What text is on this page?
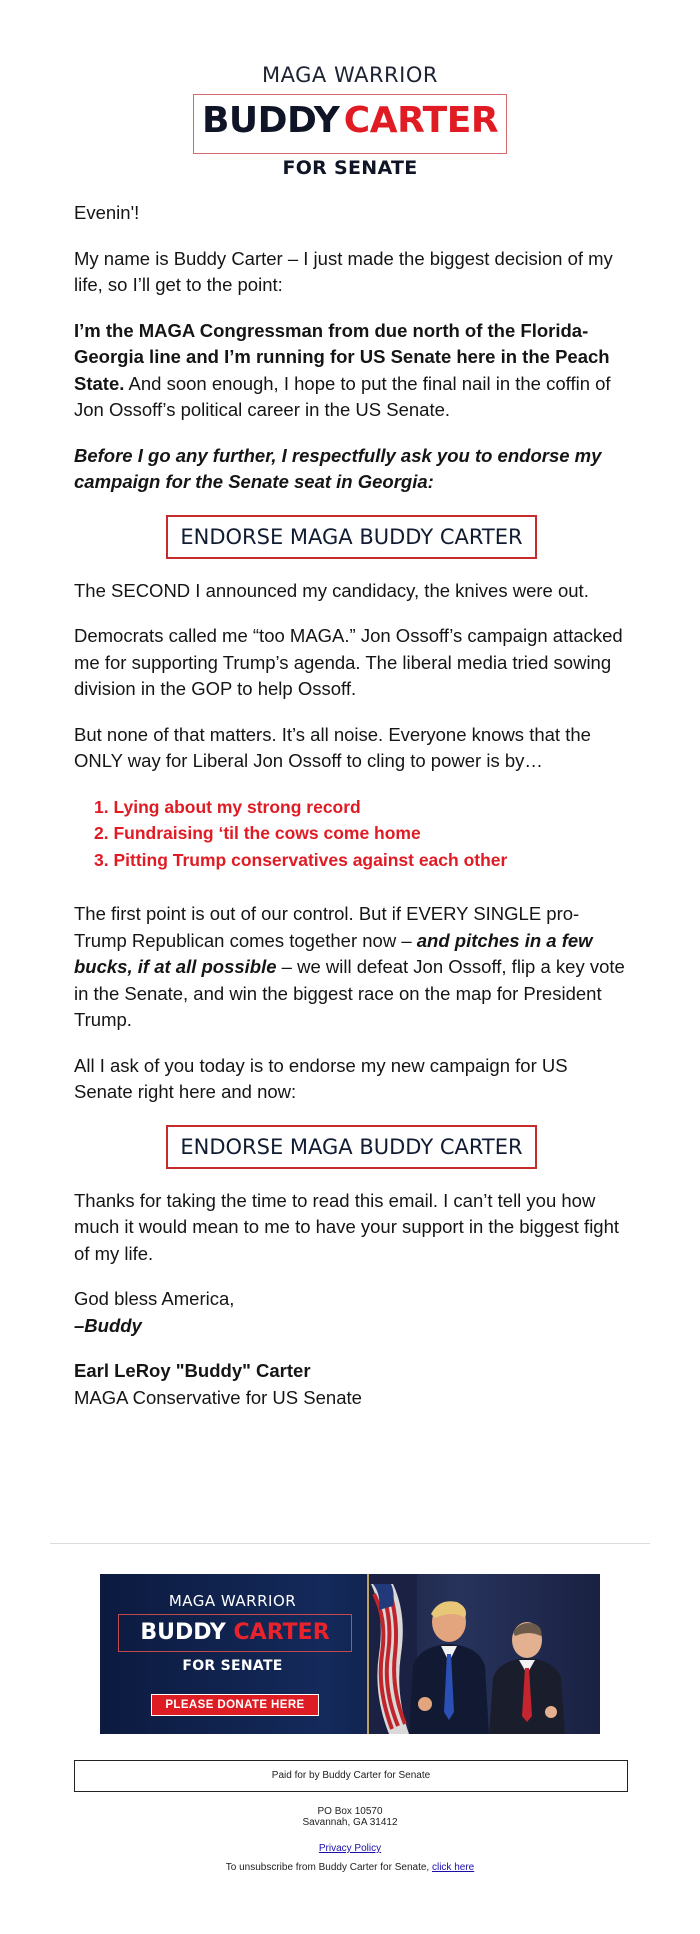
MAGA WARRIOR
BUDDY CARTER
FOR SENATE

Evenin'!

My name is Buddy Carter – I just made the biggest decision of my life, so I’ll get to the point:

I’m the MAGA Congressman from due north of the Florida-Georgia line and I’m running for US Senate here in the Peach State. And soon enough, I hope to put the final nail in the coffin of Jon Ossoff’s political career in the US Senate.

Before I go any further, I respectfully ask you to endorse my campaign for the Senate seat in Georgia:

ENDORSE MAGA BUDDY CARTER

The SECOND I announced my candidacy, the knives were out.

Democrats called me “too MAGA.” Jon Ossoff’s campaign attacked me for supporting Trump’s agenda. The liberal media tried sowing division in the GOP to help Ossoff.

But none of that matters. It’s all noise. Everyone knows that the ONLY way for Liberal Jon Ossoff to cling to power is by…

1. Lying about my strong record
2. Fundraising ‘til the cows come home
3. Pitting Trump conservatives against each other

The first point is out of our control. But if EVERY SINGLE pro-Trump Republican comes together now – and pitches in a few bucks, if at all possible – we will defeat Jon Ossoff, flip a key vote in the Senate, and win the biggest race on the map for President Trump.

All I ask of you today is to endorse my new campaign for US Senate right here and now:

ENDORSE MAGA BUDDY CARTER

Thanks for taking the time to read this email. I can’t tell you how much it would mean to me to have your support in the biggest fight of my life.

God bless America,
–Buddy
Earl LeRoy "Buddy" Carter
MAGA Conservative for US Senate
MAGA WARRIOR
BUDDY CARTER
FOR SENATE
PLEASE DONATE HERE
Paid for by Buddy Carter for Senate
PO Box 10570
Savannah, GA 31412
Privacy Policy
To unsubscribe from Buddy Carter for Senate, click here
